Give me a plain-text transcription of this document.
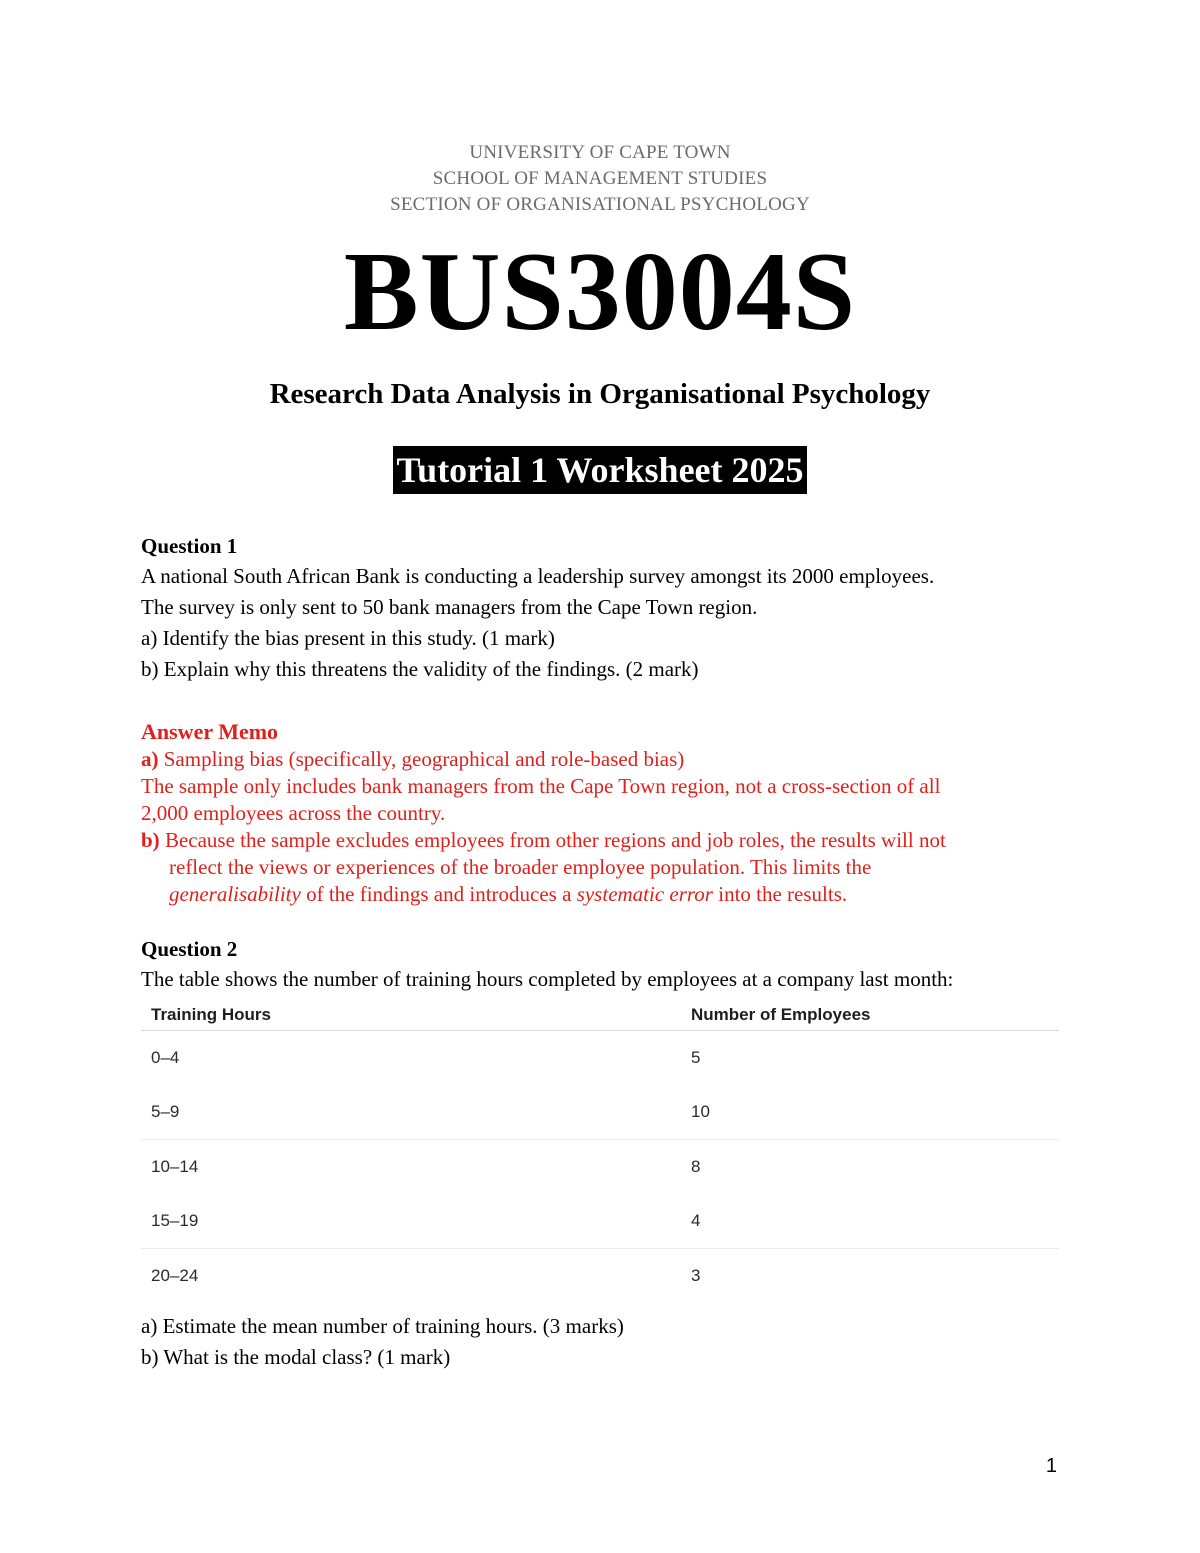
UNIVERSITY OF CAPE TOWN
SCHOOL OF MANAGEMENT STUDIES
SECTION OF ORGANISATIONAL PSYCHOLOGY
BUS3004S
Research Data Analysis in Organisational Psychology
Tutorial 1 Worksheet 2025
Question 1
A national South African Bank is conducting a leadership survey amongst its 2000 employees.
The survey is only sent to 50 bank managers from the Cape Town region.
a) Identify the bias present in this study. (1 mark)
b) Explain why this threatens the validity of the findings. (2 mark)
Answer Memo
a) Sampling bias (specifically, geographical and role-based bias)
The sample only includes bank managers from the Cape Town region, not a cross-section of all
2,000 employees across the country.
b) Because the sample excludes employees from other regions and job roles, the results will not
reflect the views or experiences of the broader employee population. This limits the
generalisability of the findings and introduces a systematic error into the results.
Question 2
The table shows the number of training hours completed by employees at a company last month:
Training Hours	Number of Employees
0–4	5
5–9	10
10–14	8
15–19	4
20–24	3
a) Estimate the mean number of training hours. (3 marks)
b) What is the modal class? (1 mark)
1
